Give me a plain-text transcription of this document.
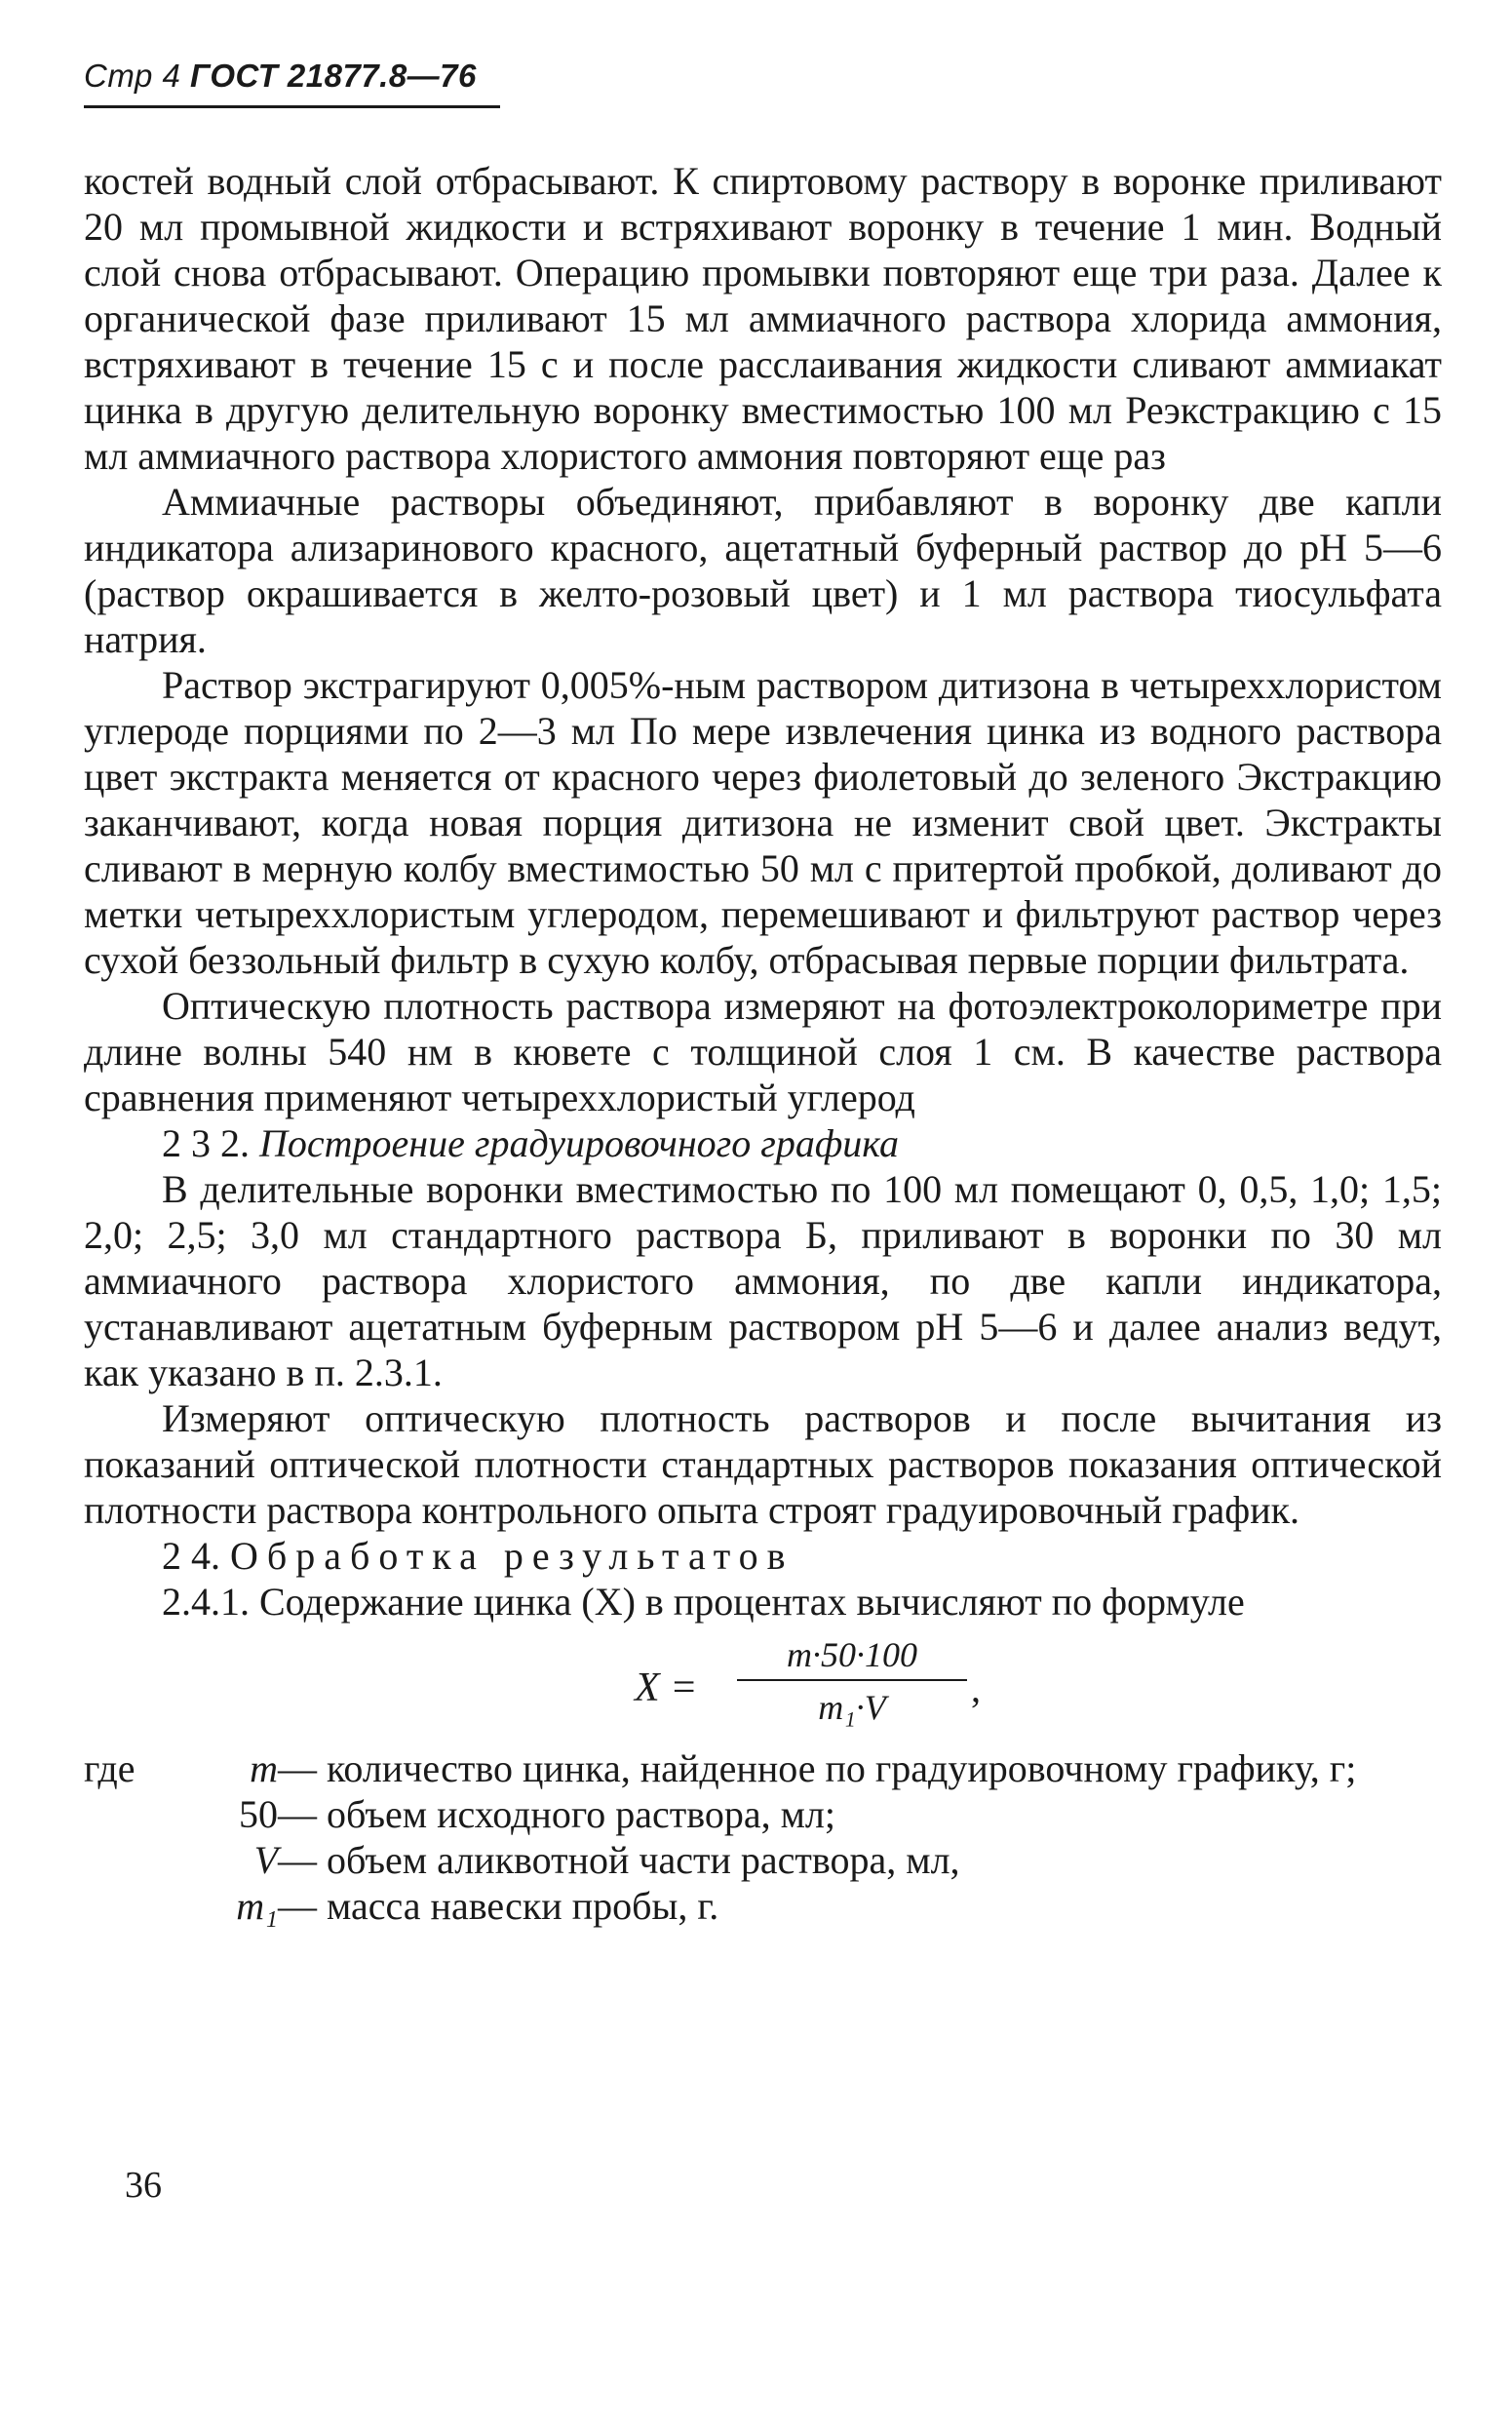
Стр 4 ГОСТ 21877.8—76

костей водный слой отбрасывают. К спиртовому раствору в воронке приливают 20 мл промывной жидкости и встряхивают воронку в течение 1 мин. Водный слой снова отбрасывают. Операцию промывки повторяют еще три раза. Далее к органической фазе приливают 15 мл аммиачного раствора хлорида аммония, встряхивают в течение 15 с и после расслаивания жидкости сливают аммиакат цинка в другую делительную воронку вместимостью 100 мл Реэкстракцию с 15 мл аммиачного раствора хлористого аммония повторяют еще раз

Аммиачные растворы объединяют, прибавляют в воронку две капли индикатора ализаринового красного, ацетатный буферный раствор до рН 5—6 (раствор окрашивается в желто-розовый цвет) и 1 мл раствора тиосульфата натрия.

Раствор экстрагируют 0,005%-ным раствором дитизона в четыреххлористом углероде порциями по 2—3 мл По мере извлечения цинка из водного раствора цвет экстракта меняется от красного через фиолетовый до зеленого Экстракцию заканчивают, когда новая порция дитизона не изменит свой цвет. Экстракты сливают в мерную колбу вместимостью 50 мл с притертой пробкой, доливают до метки четыреххлористым углеродом, перемешивают и фильтруют раствор через сухой беззольный фильтр в сухую колбу, отбрасывая первые порции фильтрата.

Оптическую плотность раствора измеряют на фотоэлектроколориметре при длине волны 540 нм в кювете с толщиной слоя 1 см. В качестве раствора сравнения применяют четыреххлористый углерод

2 3 2. Построение градуировочного графика

В делительные воронки вместимостью по 100 мл помещают 0, 0,5, 1,0; 1,5; 2,0; 2,5; 3,0 мл стандартного раствора Б, приливают в воронки по 30 мл аммиачного раствора хлористого аммония, по две капли индикатора, устанавливают ацетатным буферным раствором рН 5—6 и далее анализ ведут, как указано в п. 2.3.1.

Измеряют оптическую плотность растворов и после вычитания из показаний оптической плотности стандартных растворов показания оптической плотности раствора контрольного опыта строят градуировочный график.

2 4. Обработка результатов

2.4.1. Содержание цинка (X) в процентах вычисляют по формуле

X =
m·50·100
m₁·V	,
где	m — количество цинка, найденное по градуировочному графику, г;
50 — объем исходного раствора, мл;
V — объем аликвотной части раствора, мл,
m₁ — масса навески пробы, г.
36
